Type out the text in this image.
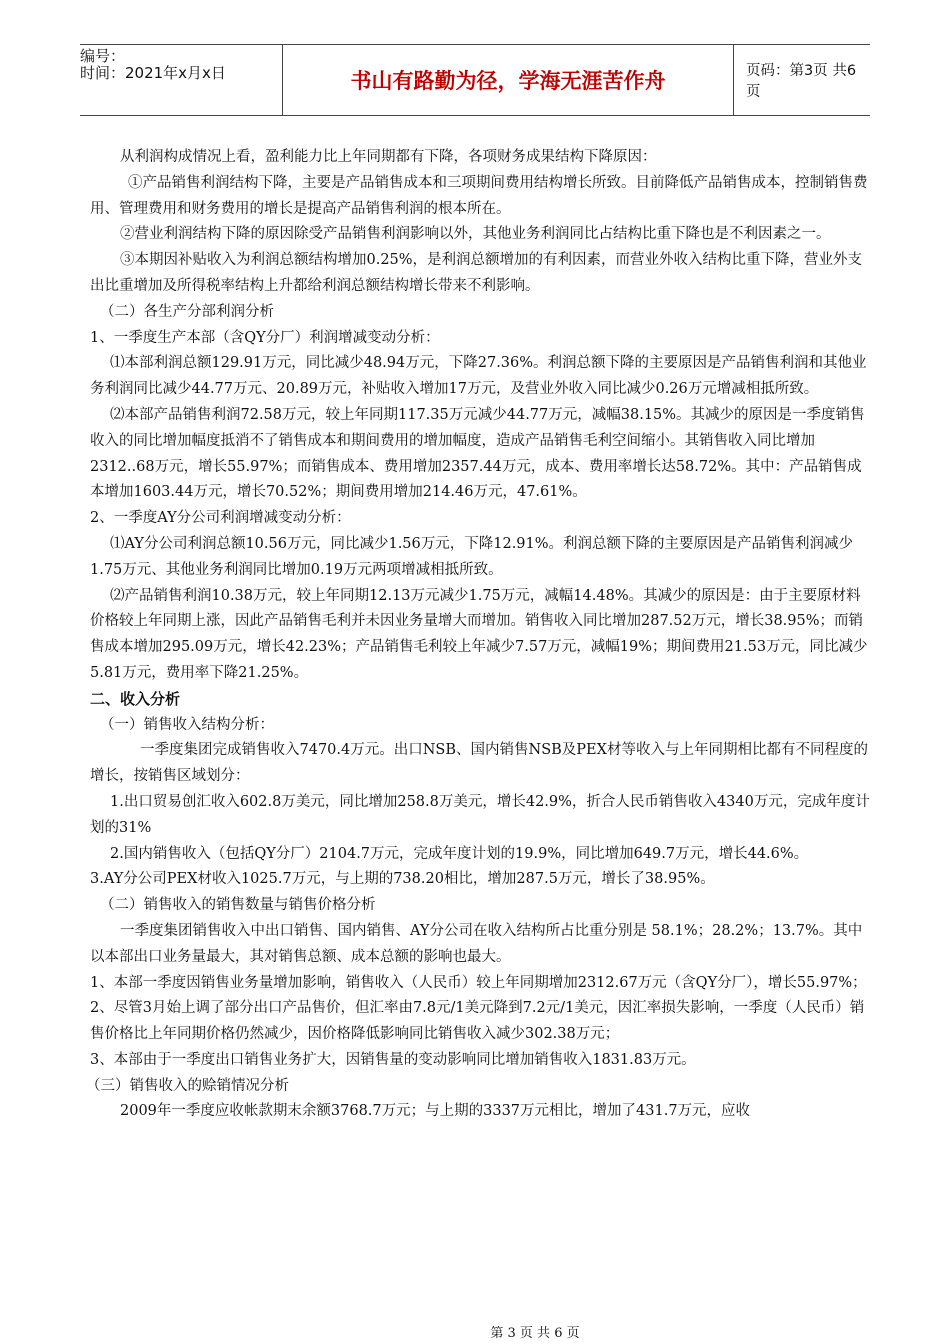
编号：
时间：2021年x月x日	书山有路勤为径，学海无涯苦作舟	页码：第3页 共6页

从利润构成情况上看，盈利能力比上年同期都有下降，各项财务成果结构下降原因：

①产品销售利润结构下降，主要是产品销售成本和三项期间费用结构增长所致。目前降低产品销售成本，控制销售费用、管理费用和财务费用的增长是提高产品销售利润的根本所在。

②营业利润结构下降的原因除受产品销售利润影响以外，其他业务利润同比占结构比重下降也是不利因素之一。

③本期因补贴收入为利润总额结构增加0.25%，是利润总额增加的有利因素，而营业外收入结构比重下降，营业外支出比重增加及所得税率结构上升都给利润总额结构增长带来不利影响。

（二）各生产分部利润分析

1、一季度生产本部（含QY分厂）利润增减变动分析：

⑴本部利润总额129.91万元，同比减少48.94万元，下降27.36%。利润总额下降的主要原因是产品销售利润和其他业务利润同比减少44.77万元、20.89万元，补贴收入增加17万元，及营业外收入同比减少0.26万元增减相抵所致。

⑵本部产品销售利润72.58万元，较上年同期117.35万元减少44.77万元，减幅38.15%。其减少的原因是一季度销售收入的同比增加幅度抵消不了销售成本和期间费用的增加幅度，造成产品销售毛利空间缩小。其销售收入同比增加2312..68万元，增长55.97%；而销售成本、费用增加2357.44万元，成本、费用率增长达58.72%。其中：产品销售成本增加1603.44万元，增长70.52%；期间费用增加214.46万元，47.61%。

2、一季度AY分公司利润增减变动分析：

⑴AY分公司利润总额10.56万元，同比减少1.56万元，下降12.91%。利润总额下降的主要原因是产品销售利润减少1.75万元、其他业务利润同比增加0.19万元两项增减相抵所致。

⑵产品销售利润10.38万元，较上年同期12.13万元减少1.75万元，减幅14.48%。其减少的原因是：由于主要原材料价格较上年同期上涨，因此产品销售毛利并未因业务量增大而增加。销售收入同比增加287.52万元，增长38.95%；而销售成本增加295.09万元，增长42.23%；产品销售毛利较上年减少7.57万元，减幅19%；期间费用21.53万元，同比减少5.81万元，费用率下降21.25%。

二、收入分析

（一）销售收入结构分析：

一季度集团完成销售收入7470.4万元。出口NSB、国内销售NSB及PEX材等收入与上年同期相比都有不同程度的增长，按销售区域划分：

1.出口贸易创汇收入602.8万美元，同比增加258.8万美元，增长42.9%，折合人民币销售收入4340万元，完成年度计划的31%

2.国内销售收入（包括QY分厂）2104.7万元，完成年度计划的19.9%，同比增加649.7万元，增长44.6%。

3.AY分公司PEX材收入1025.7万元，与上期的738.20相比，增加287.5万元，增长了38.95%。

（二）销售收入的销售数量与销售价格分析

一季度集团销售收入中出口销售、国内销售、AY分公司在收入结构所占比重分别是 58.1%；28.2%；13.7%。其中以本部出口业务量最大，其对销售总额、成本总额的影响也最大。

1、本部一季度因销售业务量增加影响，销售收入（人民币）较上年同期增加2312.67万元（含QY分厂），增长55.97%；

2、尽管3月始上调了部分出口产品售价，但汇率由7.8元/1美元降到7.2元/1美元，因汇率损失影响，一季度（人民币）销售价格比上年同期价格仍然减少，因价格降低影响同比销售收入减少302.38万元；

3、本部由于一季度出口销售业务扩大，因销售量的变动影响同比增加销售收入1831.83万元。

（三）销售收入的赊销情况分析

2009年一季度应收帐款期末余额3768.7万元；与上期的3337万元相比，增加了431.7万元，应收

第 3 页 共 6 页
